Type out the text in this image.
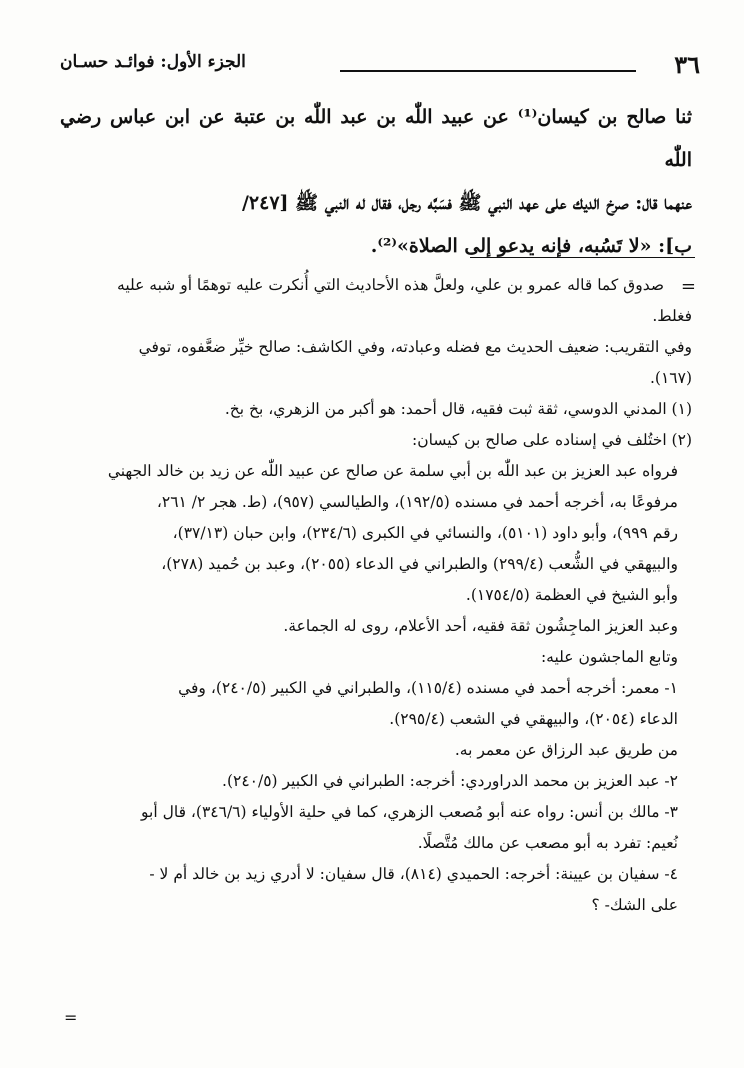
٣٦
الجزء الأول: فوائـد حسـان

ثنا صالح بن كيسان⁽¹⁾ عن عبيد اللّٰه بن عبد اللّٰه بن عتبة عن ابن عباس رضي اللّٰه

عنهما قال: صرخ الديك على عهد النبي ﷺ فسَبَّه رجل، فقال له النبي ﷺ [٢٤٧/

ب]: «لا تَسُبه، فإنه يدعو إلى الصلاة»⁽²⁾.

=

صدوق كما قاله عمرو بن علي، ولعلَّ هذه الأحاديث التي أُنكرت عليه توهمًا أو شبه عليه

فغلط.

وفي التقريب: ضعيف الحديث مع فضله وعبادته، وفي الكاشف: صالح خيِّر ضعَّفوه، توفي

(١٦٧).

(١) المدني الدوسي، ثقة ثبت فقيه، قال أحمد: هو أكبر من الزهري، بخ بخ.

(٢) اختُلف في إسناده على صالح بن كيسان:

فرواه عبد العزيز بن عبد اللّٰه بن أبي سلمة عن صالح عن عبيد اللّٰه عن زيد بن خالد الجهني

مرفوعًا به، أخرجه أحمد في مسنده (١٩٢/٥)، والطيالسي (٩٥٧)، (ط. هجر ٢/ ٢٦١،

رقم ٩٩٩)، وأبو داود (٥١٠١)، والنسائي في الكبرى (٢٣٤/٦)، وابن حبان (٣٧/١٣)،

والبيهقي في الشُّعب (٢٩٩/٤) والطبراني في الدعاء (٢٠٥٥)، وعبد بن حُميد (٢٧٨)،

وأبو الشيخ في العظمة (١٧٥٤/٥).

وعبد العزيز الماجِشُون ثقة فقيه، أحد الأعلام، روى له الجماعة.

وتابع الماجشون عليه:

١- معمر: أخرجه أحمد في مسنده (١١٥/٤)، والطبراني في الكبير (٢٤٠/٥)، وفي

الدعاء (٢٠٥٤)، والبيهقي في الشعب (٢٩٥/٤).

من طريق عبد الرزاق عن معمر به.

٢- عبد العزيز بن محمد الدراوردي: أخرجه: الطبراني في الكبير (٢٤٠/٥).

٣- مالك بن أنس: رواه عنه أبو مُصعب الزهري، كما في حلية الأولياء (٣٤٦/٦)، قال أبو

نُعيم: تفرد به أبو مصعب عن مالك مُتَّصلًا.

٤- سفيان بن عيينة: أخرجه: الحميدي (٨١٤)، قال سفيان: لا أدري زيد بن خالد أم لا -

على الشك- ؟

=
